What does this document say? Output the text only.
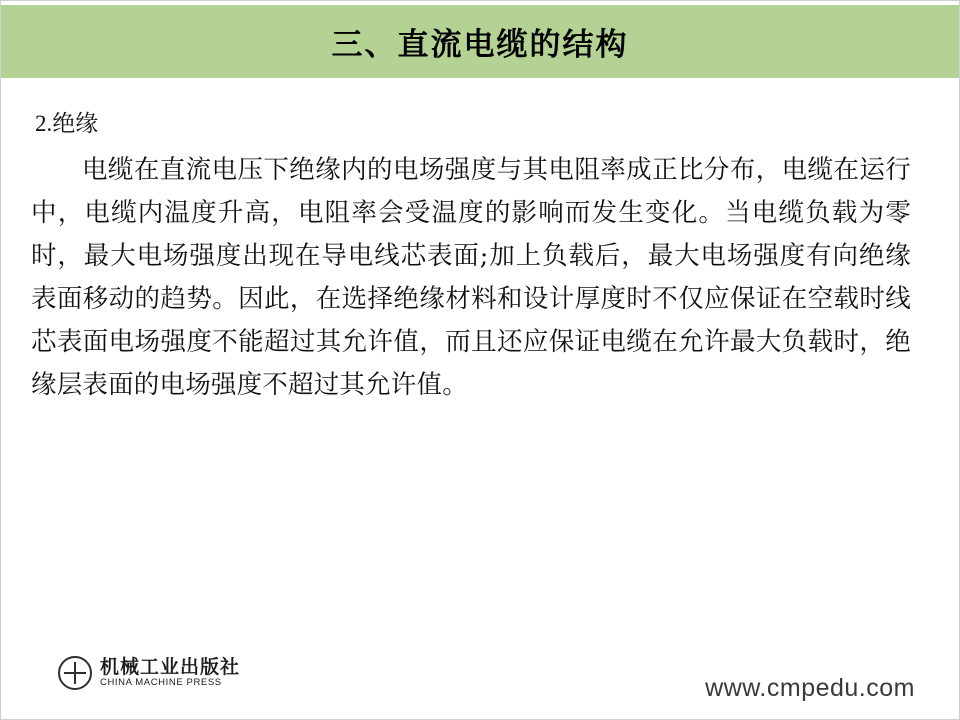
三、直流电缆的结构
2.绝缘

电缆在直流电压下绝缘内的电场强度与其电阻率成正比分布，电缆在运行中，电缆内温度升高，电阻率会受温度的影响而发生变化。当电缆负载为零时，最大电场强度出现在导电线芯表面;加上负载后，最大电场强度有向绝缘表面移动的趋势。因此，在选择绝缘材料和设计厚度时不仅应保证在空载时线芯表面电场强度不能超过其允许值，而且还应保证电缆在允许最大负载时，绝缘层表面的电场强度不超过其允许值。

机械工业出版社
CHINA MACHINE PRESS	www.cmpedu.com
